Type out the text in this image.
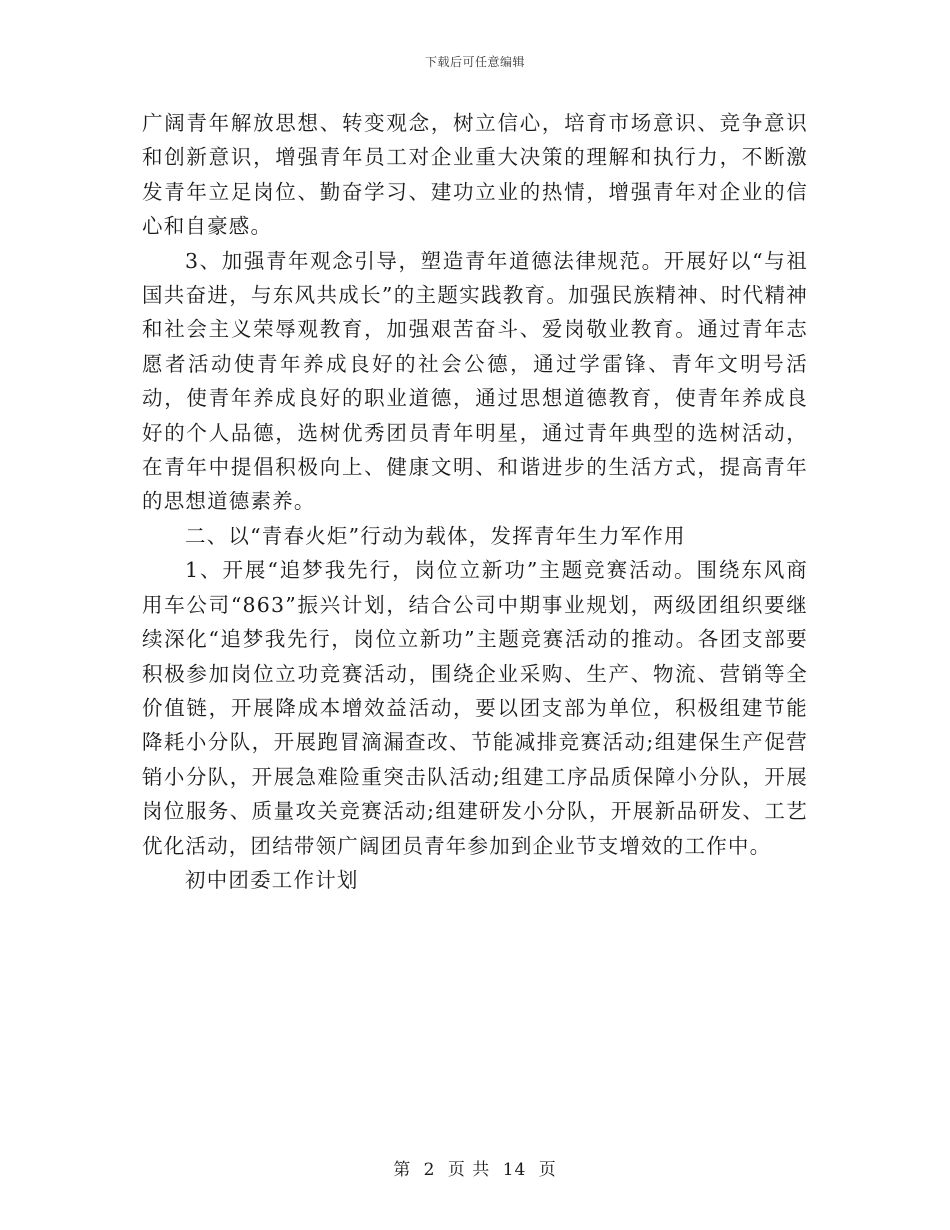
下载后可任意编辑

广阔青年解放思想、转变观念，树立信心，培育市场意识、竞争意识和创新意识，增强青年员工对企业重大决策的理解和执行力，不断激发青年立足岗位、勤奋学习、建功立业的热情，增强青年对企业的信心和自豪感。

3、加强青年观念引导，塑造青年道德法律规范。开展好以“与祖国共奋进，与东风共成长”的主题实践教育。加强民族精神、时代精神和社会主义荣辱观教育，加强艰苦奋斗、爱岗敬业教育。通过青年志愿者活动使青年养成良好的社会公德，通过学雷锋、青年文明号活动，使青年养成良好的职业道德，通过思想道德教育，使青年养成良好的个人品德，选树优秀团员青年明星，通过青年典型的选树活动，在青年中提倡积极向上、健康文明、和谐进步的生活方式，提高青年的思想道德素养。

二、以“青春火炬”行动为载体，发挥青年生力军作用

1、开展“追梦我先行，岗位立新功”主题竞赛活动。围绕东风商用车公司“863”振兴计划，结合公司中期事业规划，两级团组织要继续深化“追梦我先行，岗位立新功”主题竞赛活动的推动。各团支部要积极参加岗位立功竞赛活动，围绕企业采购、生产、物流、营销等全价值链，开展降成本增效益活动，要以团支部为单位，积极组建节能降耗小分队，开展跑冒滴漏查改、节能减排竞赛活动;组建保生产促营销小分队，开展急难险重突击队活动;组建工序品质保障小分队，开展岗位服务、质量攻关竞赛活动;组建研发小分队，开展新品研发、工艺优化活动，团结带领广阔团员青年参加到企业节支增效的工作中。

初中团委工作计划

第 2 页 共 14 页
